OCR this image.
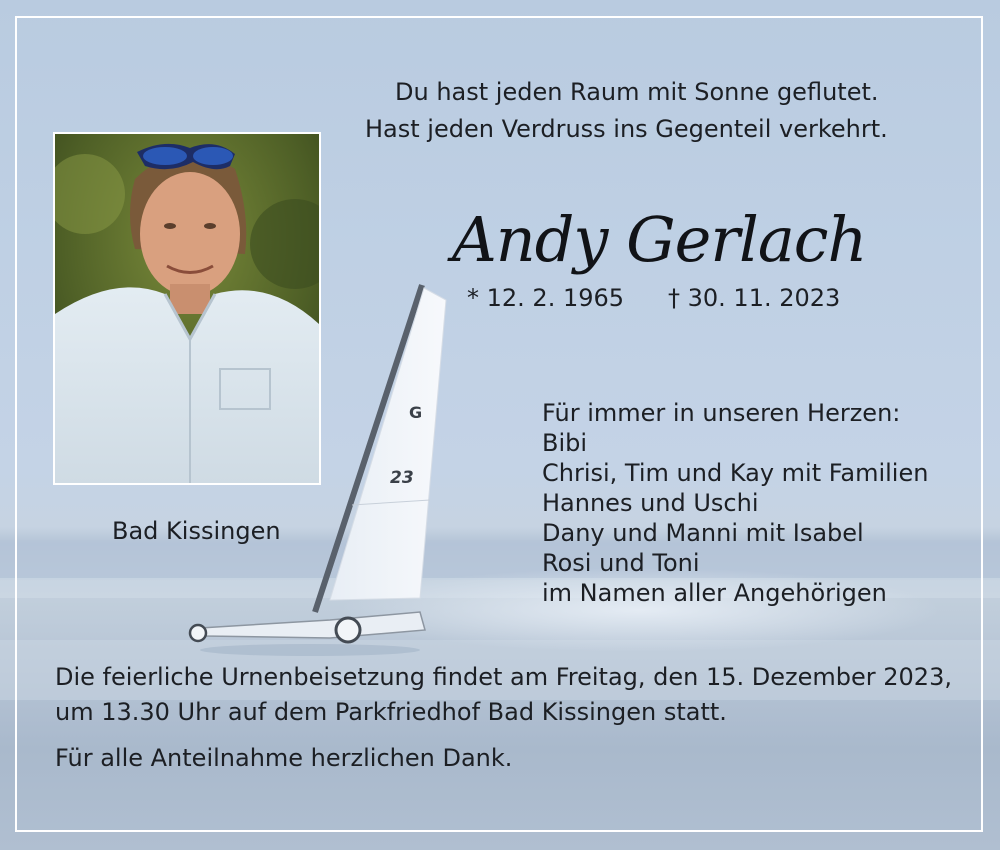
G
23
Du hast jeden Raum mit Sonne geflutet.
Hast jeden Verdruss ins Gegenteil verkehrt.
Andy Gerlach
* 12. 2. 1965 † 30. 11. 2023
Bad Kissingen
Für immer in unseren Herzen:
Bibi
Chrisi, Tim und Kay mit Familien
Hannes und Uschi
Dany und Manni mit Isabel
Rosi und Toni
im Namen aller Angehörigen
Die feierliche Urnenbeisetzung findet am Freitag, den 15. Dezember 2023,
um 13.30 Uhr auf dem Parkfriedhof Bad Kissingen statt.
Für alle Anteilnahme herzlichen Dank.
